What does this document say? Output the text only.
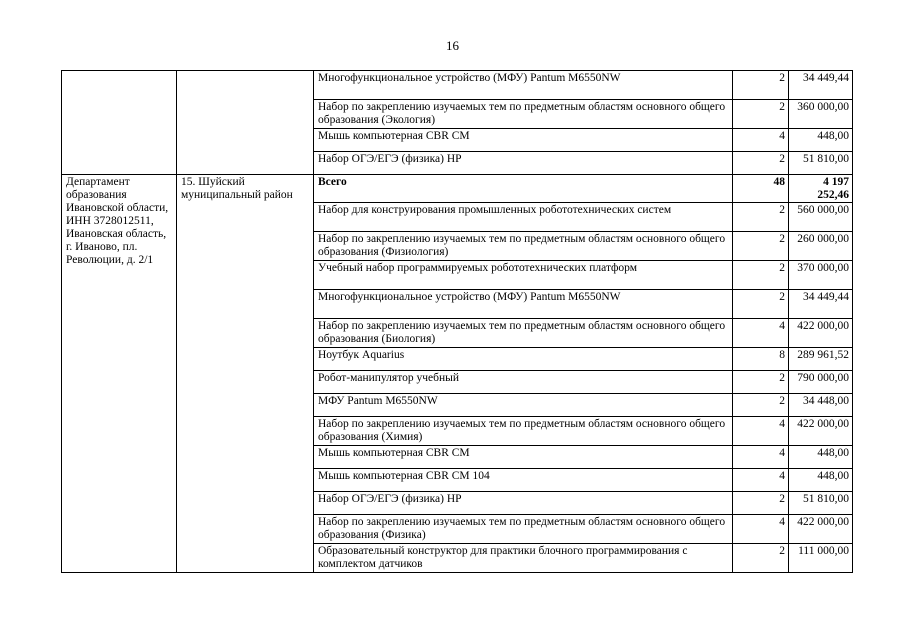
16
		Многофункциональное устройство (МФУ) Pantum M6550NW	2	34 449,44
		Набор по закреплению изучаемых тем по предметным областям основного общего образования (Экология)	2	360 000,00
		Мышь компьютерная CBR CM	4	448,00
		Набор ОГЭ/ЕГЭ (физика) HP	2	51 810,00
Департамент образования Ивановской области, ИНН 3728012511, Ивановская область, г. Иваново, пл. Революции, д. 2/1	15. Шуйский муниципальный район	Всего	48	4 197 252,46
		Набор для конструирования промышленных робототехнических систем	2	560 000,00
		Набор по закреплению изучаемых тем по предметным областям основного общего образования (Физиология)	2	260 000,00
		Учебный набор программируемых робототехнических платформ	2	370 000,00
		Многофункциональное устройство (МФУ) Pantum M6550NW	2	34 449,44
		Набор по закреплению изучаемых тем по предметным областям основного общего образования (Биология)	4	422 000,00
		Ноутбук Aquarius	8	289 961,52
		Робот-манипулятор учебный	2	790 000,00
		МФУ Pantum M6550NW	2	34 448,00
		Набор по закреплению изучаемых тем по предметным областям основного общего образования (Химия)	4	422 000,00
		Мышь компьютерная CBR CM	4	448,00
		Мышь компьютерная CBR CM 104	4	448,00
		Набор ОГЭ/ЕГЭ (физика) HP	2	51 810,00
		Набор по закреплению изучаемых тем по предметным областям основного общего образования (Физика)	4	422 000,00
		Образовательный конструктор для практики блочного программирования с комплектом датчиков	2	111 000,00
